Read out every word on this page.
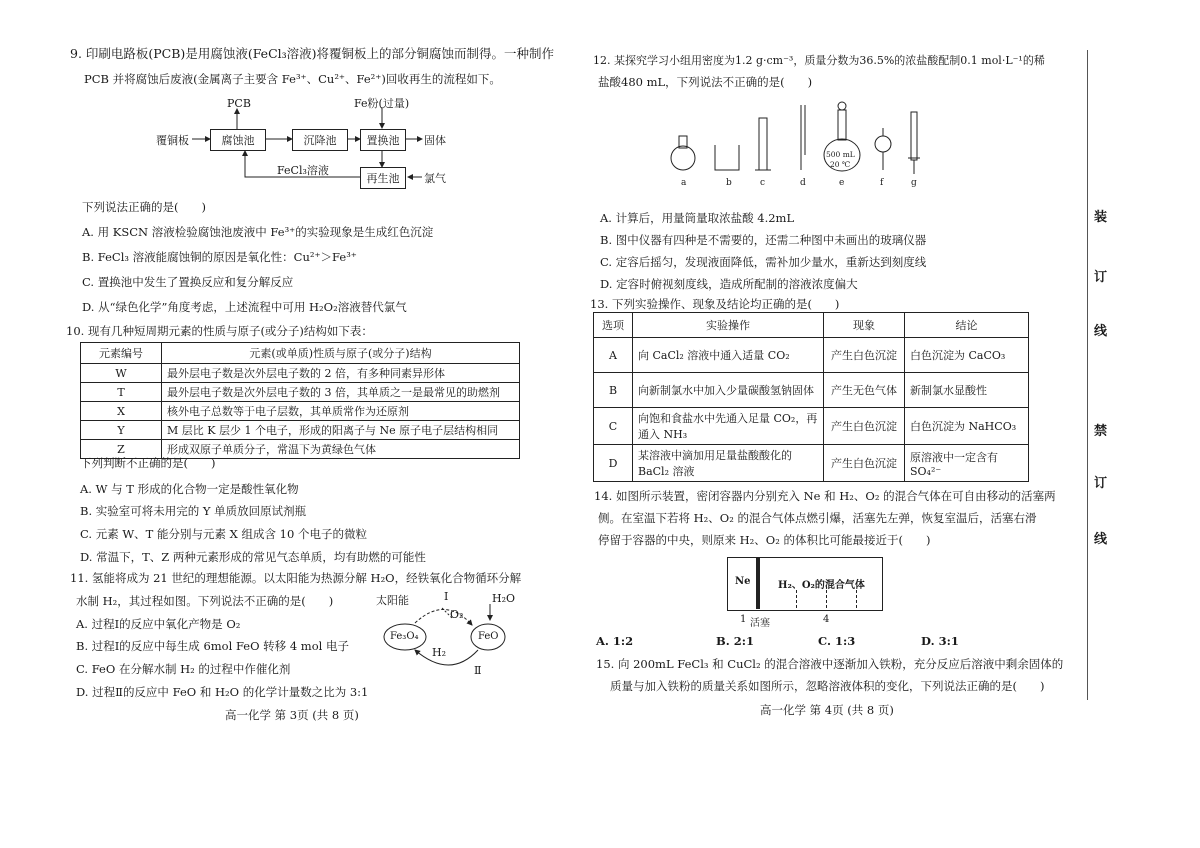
9. 印刷电路板(PCB)是用腐蚀液(FeCl₃溶液)将覆铜板上的部分铜腐蚀而制得。一种制作
PCB 并将腐蚀后废液(金属离子主要含 Fe³⁺、Cu²⁺、Fe²⁺)回收再生的流程如下。
覆铜板
PCB	Fe粉(过量)
腐蚀池	沉降池	置换池
再生池
固体
FeCl₃溶液
氯气
下列说法正确的是(　　)
A. 用 KSCN 溶液检验腐蚀池废液中 Fe³⁺的实验现象是生成红色沉淀
B. FeCl₃ 溶液能腐蚀铜的原因是氧化性：Cu²⁺＞Fe³⁺
C. 置换池中发生了置换反应和复分解反应
D. 从“绿色化学”角度考虑，上述流程中可用 H₂O₂溶液替代氯气
10. 现有几种短周期元素的性质与原子(或分子)结构如下表：
元素编号	元素(或单质)性质与原子(或分子)结构
W	最外层电子数是次外层电子数的 2 倍，有多种同素异形体
T	最外层电子数是次外层电子数的 3 倍，其单质之一是最常见的助燃剂
X	核外电子总数等于电子层数，其单质常作为还原剂
Y	M 层比 K 层少 1 个电子，形成的阳离子与 Ne 原子电子层结构相同
Z	形成双原子单质分子，常温下为黄绿色气体
下列判断不正确的是(　　)
A. W 与 T 形成的化合物一定是酸性氧化物
B. 实验室可将未用完的 Y 单质放回原试剂瓶
C. 元素 W、T 能分别与元素 X 组成含 10 个电子的微粒
D. 常温下，T、Z 两种元素形成的常见气态单质，均有助燃的可能性
11. 氢能将成为 21 世纪的理想能源。以太阳能为热源分解 H₂O，经铁氧化合物循环分解
水制 H₂，其过程如图。下列说法不正确的是(　　)
A. 过程Ⅰ的反应中氧化产物是 O₂
B. 过程Ⅰ的反应中每生成 6mol FeO 转移 4 mol 电子
C. FeO 在分解水制 H₂ 的过程中作催化剂
D. 过程Ⅱ的反应中 FeO 和 H₂O 的化学计量数之比为 3:1
太阳能	Ⅰ
O₂
H₂O
Fe₃O₄	FeO
H₂
Ⅱ
高一化学 第 3页 (共 8 页)
12. 某探究学习小组用密度为1.2 g·cm⁻³，质量分数为36.5%的浓盐酸配制0.1 mol·L⁻¹的稀
盐酸480 mL，下列说法不正确的是(　　)
500 mL
20 ℃
a	b	c	d	e	f	g
A. 计算后，用量筒量取浓盐酸 4.2mL
B. 图中仪器有四种是不需要的，还需二种图中未画出的玻璃仪器
C. 定容后摇匀，发现液面降低，需补加少量水，重新达到刻度线
D. 定容时俯视刻度线，造成所配制的溶液浓度偏大
13. 下列实验操作、现象及结论均正确的是(　　)
选项	实验操作	现象	结论
A	向 CaCl₂ 溶液中通入适量 CO₂	产生白色沉淀	白色沉淀为 CaCO₃
B	向新制氯水中加入少量碳酸氢钠固体	产生无色气体	新制氯水显酸性
C	向饱和食盐水中先通入足量 CO₂，再通入 NH₃	产生白色沉淀	白色沉淀为 NaHCO₃
D	某溶液中滴加用足量盐酸酸化的 BaCl₂ 溶液	产生白色沉淀	原溶液中一定含有 SO₄²⁻
14. 如图所示装置，密闭容器内分别充入 Ne 和 H₂、O₂ 的混合气体在可自由移动的活塞两
侧。在室温下若将 H₂、O₂ 的混合气体点燃引爆，活塞先左弹，恢复室温后，活塞右滑
停留于容器的中央，则原来 H₂、O₂ 的体积比可能最接近于(　　)
Ne	H₂、O₂的混合气体
1 活塞	4
A. 1:2	B. 2:1	C. 1:3	D. 3:1
15. 向 200mL FeCl₃ 和 CuCl₂ 的混合溶液中逐渐加入铁粉，充分反应后溶液中剩余固体的
质量与加入铁粉的质量关系如图所示，忽略溶液体积的变化，下列说法正确的是(　　)
高一化学 第 4页 (共 8 页)
装
订
线
禁
订
线
